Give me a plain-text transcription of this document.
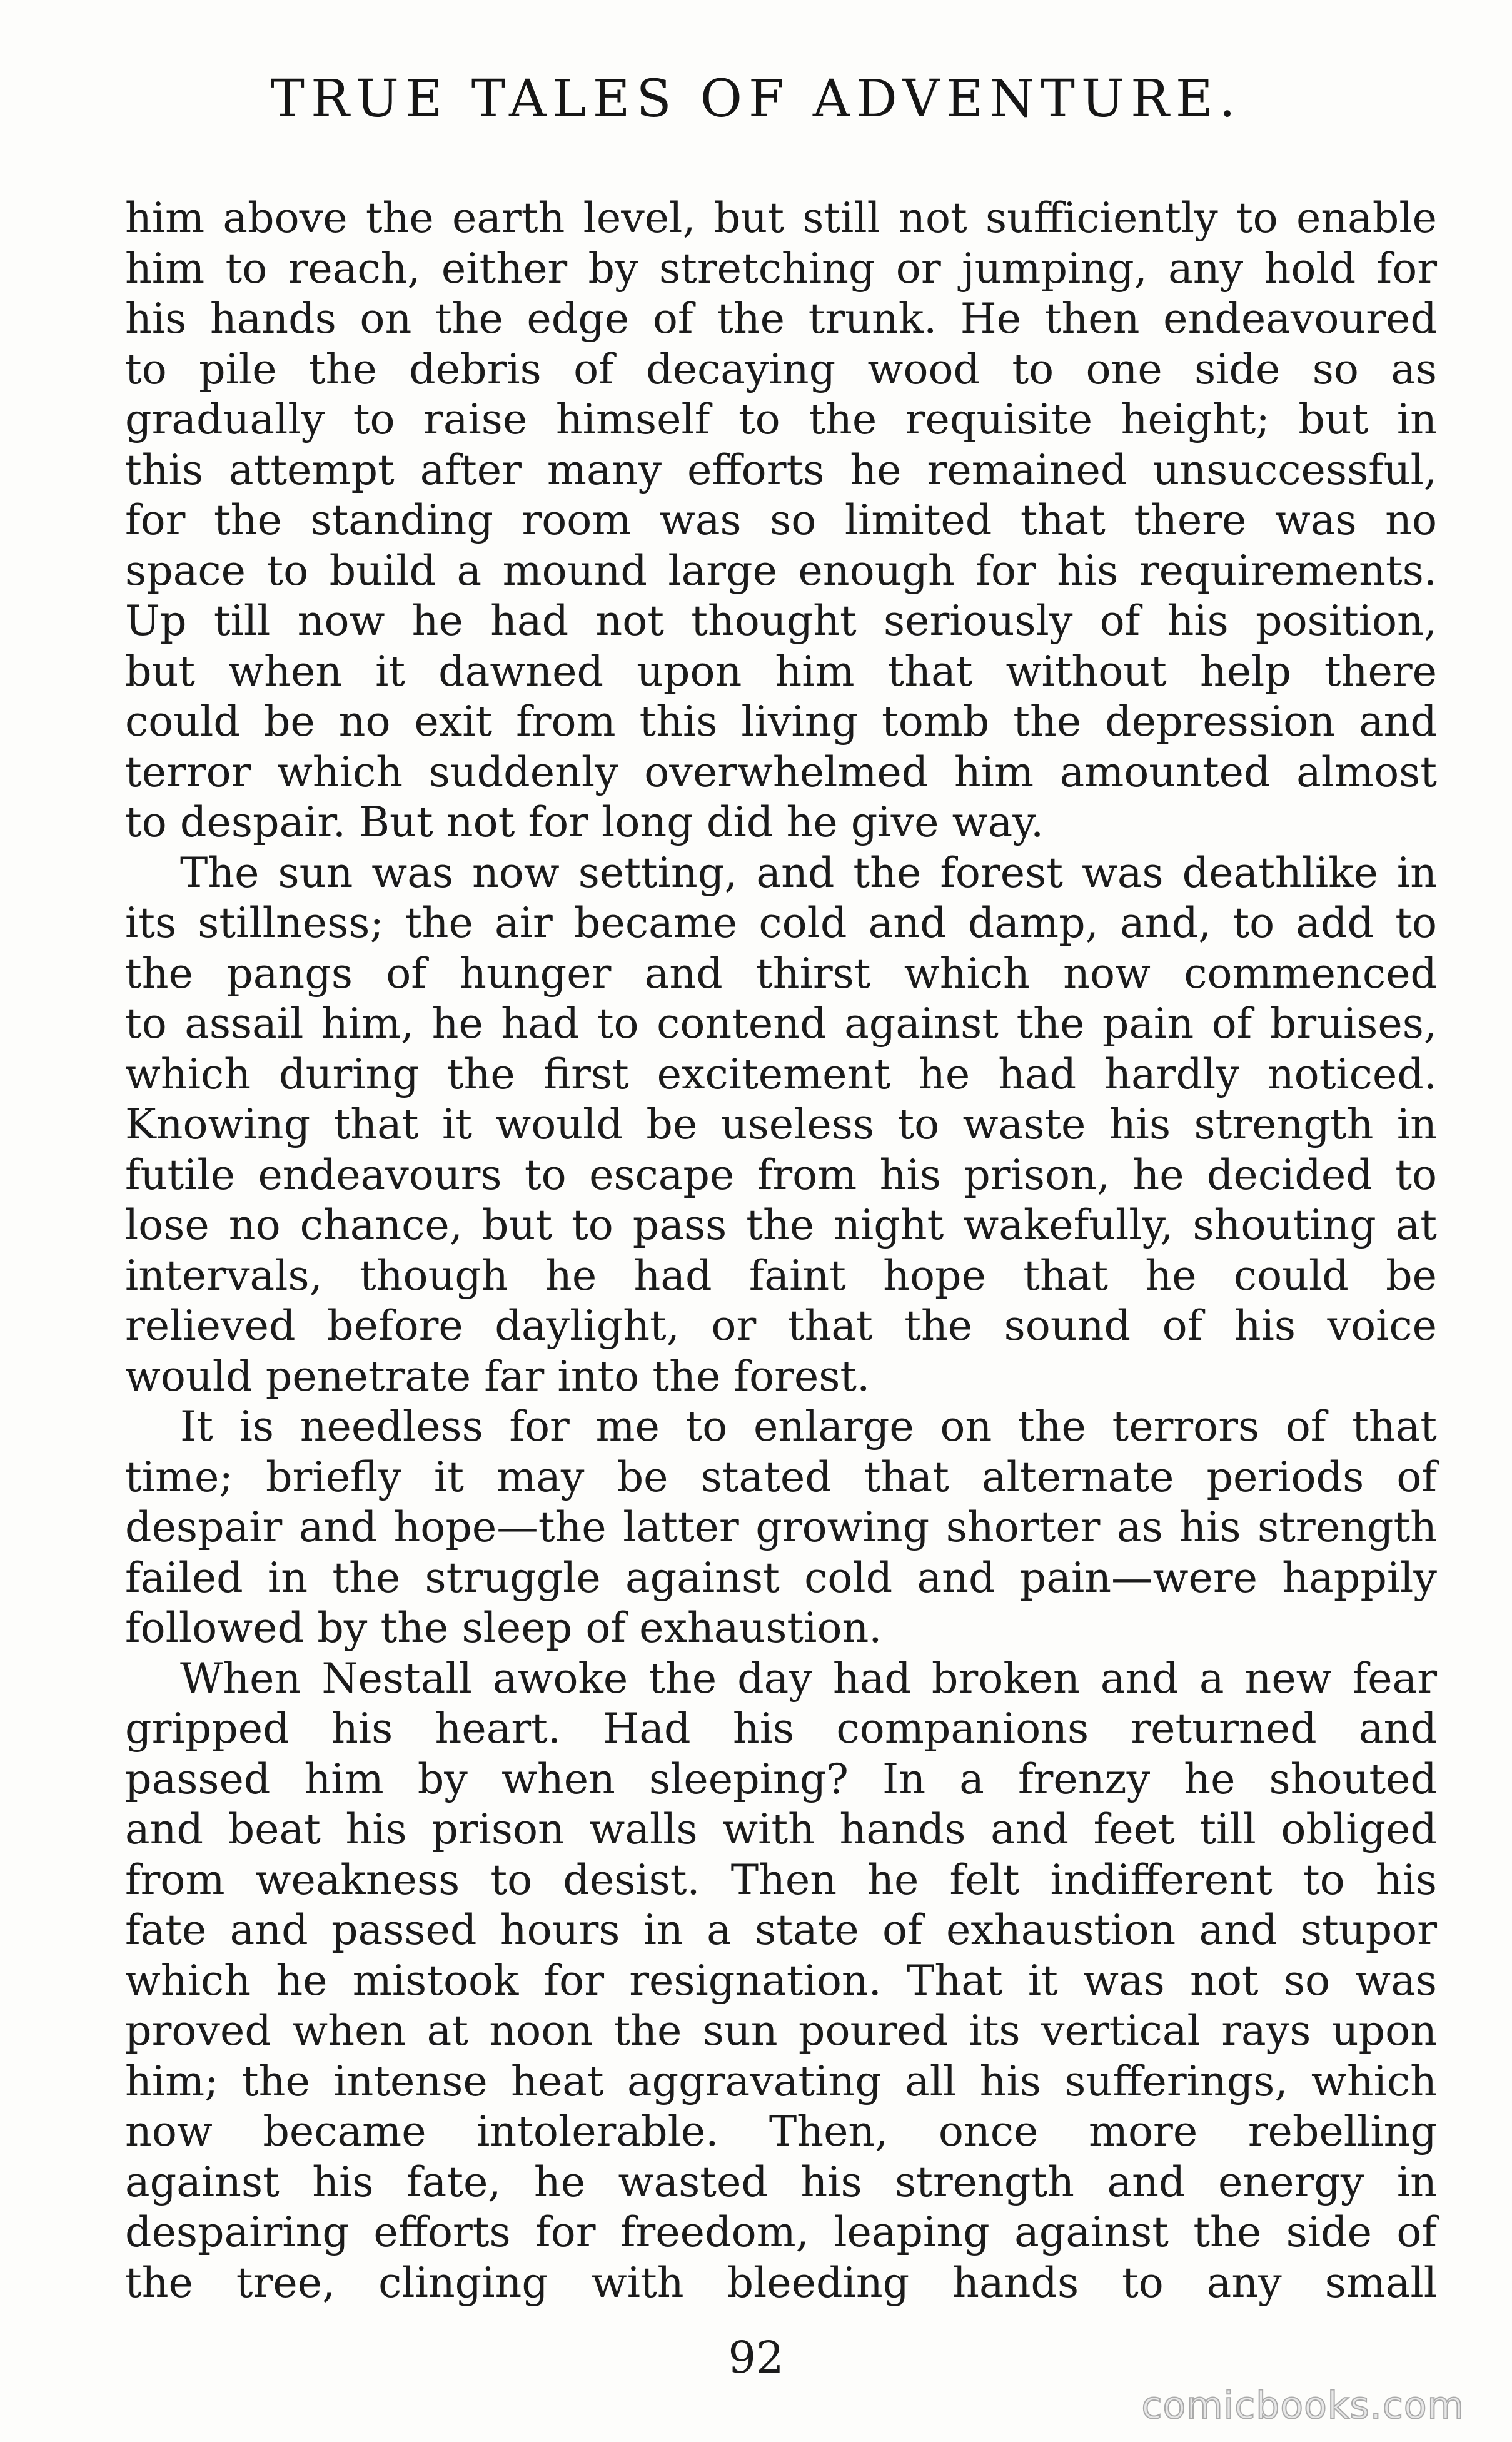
TRUE TALES OF ADVENTURE.
him above the earth level, but still not sufficiently to enable
him to reach, either by stretching or jumping, any hold for
his hands on the edge of the trunk. He then endeavoured
to pile the debris of decaying wood to one side so as
gradually to raise himself to the requisite height; but in
this attempt after many efforts he remained unsuccessful,
for the standing room was so limited that there was no
space to build a mound large enough for his requirements.
Up till now he had not thought seriously of his position,
but when it dawned upon him that without help there
could be no exit from this living tomb the depression and
terror which suddenly overwhelmed him amounted almost
to despair. But not for long did he give way.
The sun was now setting, and the forest was deathlike in
its stillness; the air became cold and damp, and, to add to
the pangs of hunger and thirst which now commenced
to assail him, he had to contend against the pain of bruises,
which during the first excitement he had hardly noticed.
Knowing that it would be useless to waste his strength in
futile endeavours to escape from his prison, he decided to
lose no chance, but to pass the night wakefully, shouting at
intervals, though he had faint hope that he could be
relieved before daylight, or that the sound of his voice
would penetrate far into the forest.
It is needless for me to enlarge on the terrors of that
time; briefly it may be stated that alternate periods of
despair and hope—the latter growing shorter as his strength
failed in the struggle against cold and pain—were happily
followed by the sleep of exhaustion.
When Nestall awoke the day had broken and a new fear
gripped his heart. Had his companions returned and
passed him by when sleeping? In a frenzy he shouted
and beat his prison walls with hands and feet till obliged
from weakness to desist. Then he felt indifferent to his
fate and passed hours in a state of exhaustion and stupor
which he mistook for resignation. That it was not so was
proved when at noon the sun poured its vertical rays upon
him; the intense heat aggravating all his sufferings, which
now became intolerable. Then, once more rebelling
against his fate, he wasted his strength and energy in
despairing efforts for freedom, leaping against the side of
the tree, clinging with bleeding hands to any small
92
comicbooks.com
